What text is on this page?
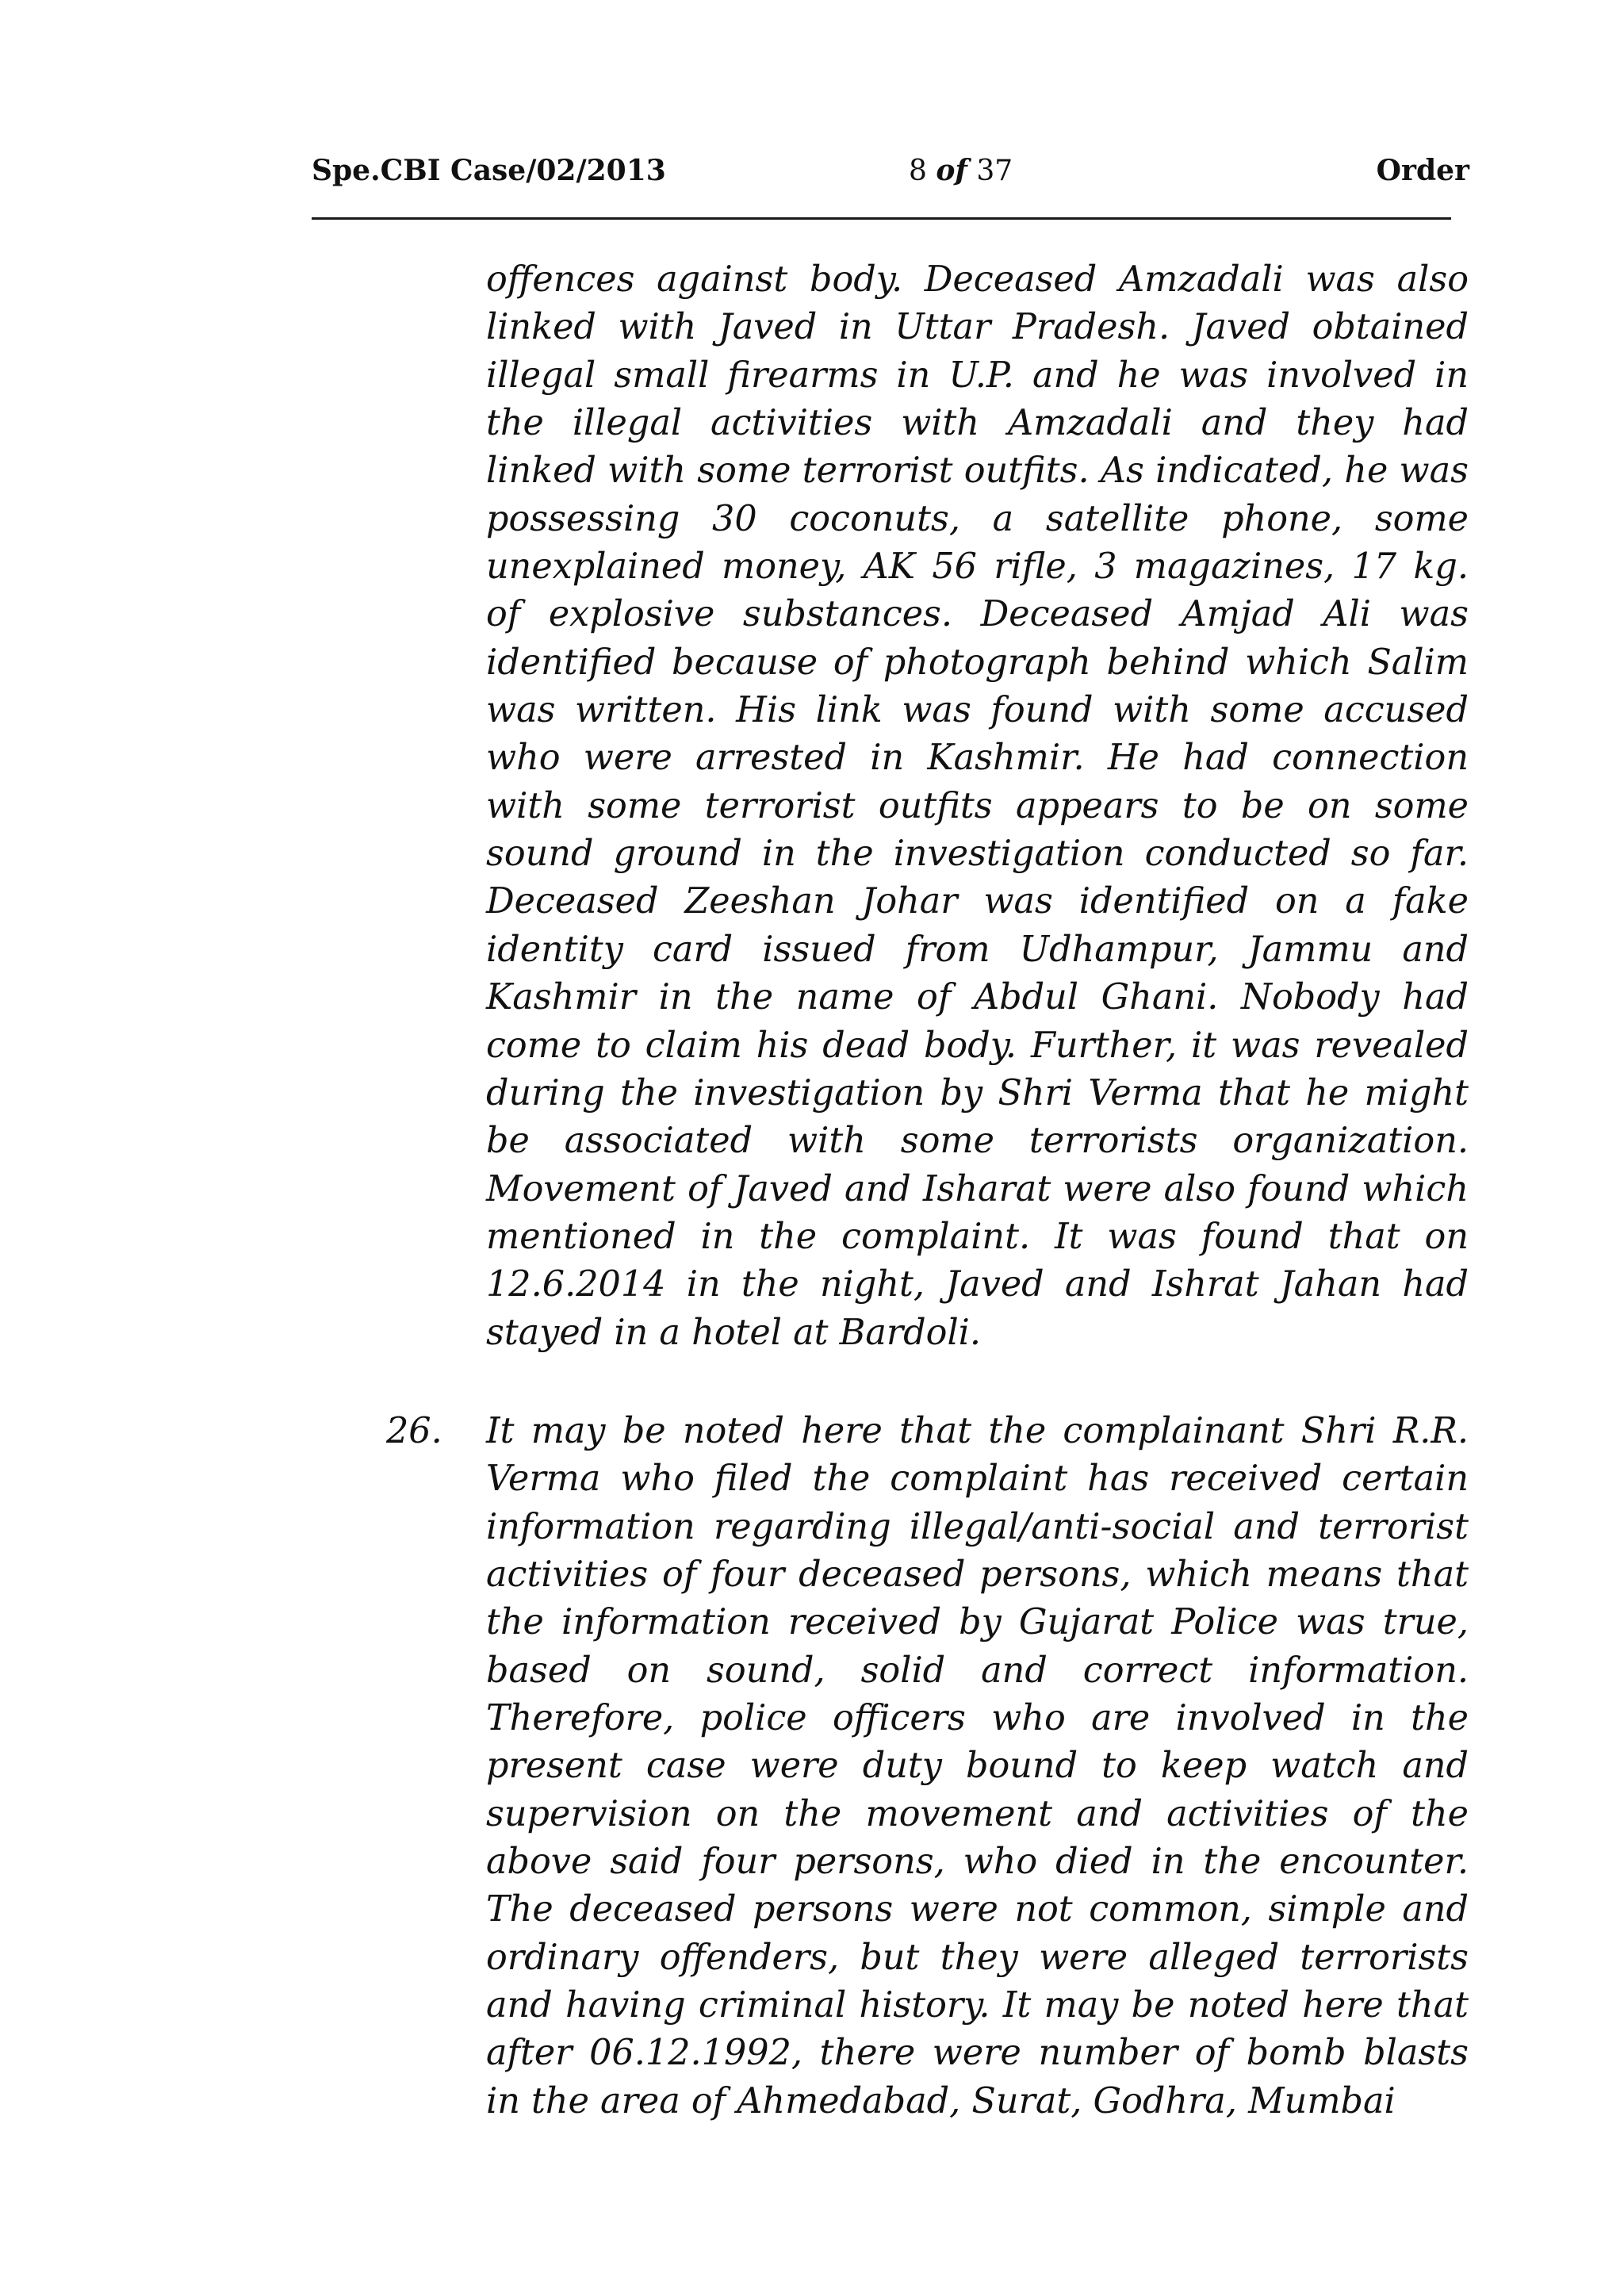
Spe.CBI Case/02/2013	8 of 37	Order

offences against body. Deceased Amzadali was also linked with Javed in Uttar Pradesh. Javed obtained illegal small firearms in U.P. and he was involved in the illegal activities with Amzadali and they had linked with some terrorist outfits. As indicated, he was possessing 30 coconuts, a satellite phone, some unexplained money, AK 56 rifle, 3 magazines, 17 kg. of explosive substances. Deceased Amjad Ali was identified because of photograph behind which Salim was written. His link was found with some accused who were arrested in Kashmir. He had connection with some terrorist outfits appears to be on some sound ground in the investigation conducted so far. Deceased Zeeshan Johar was identified on a fake identity card issued from Udhampur, Jammu and Kashmir in the name of Abdul Ghani. Nobody had come to claim his dead body. Further, it was revealed during the investigation by Shri Verma that he might be associated with some terrorists organization. Movement of Javed and Isharat were also found which mentioned in the complaint. It was found that on 12.6.2014 in the night, Javed and Ishrat Jahan had stayed in a hotel at Bardoli.

26. It may be noted here that the complainant Shri R.R. Verma who filed the complaint has received certain information regarding illegal/anti-social and terrorist activities of four deceased persons, which means that the information received by Gujarat Police was true, based on sound, solid and correct information. Therefore, police officers who are involved in the present case were duty bound to keep watch and supervision on the movement and activities of the above said four persons, who died in the encounter. The deceased persons were not common, simple and ordinary offenders, but they were alleged terrorists and having criminal history. It may be noted here that after 06.12.1992, there were number of bomb blasts in the area of Ahmedabad, Surat, Godhra, Mumbai
